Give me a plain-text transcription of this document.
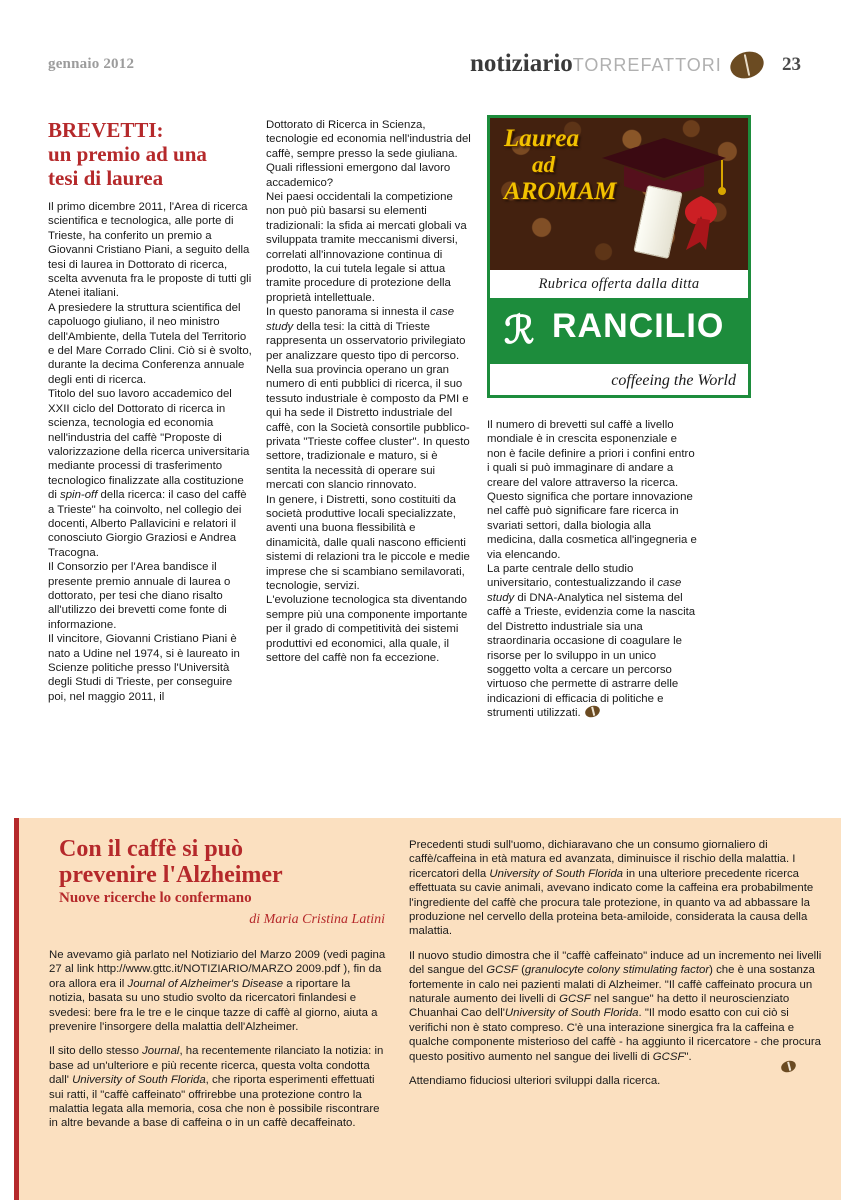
gennaio 2012	notiziarioTORREFATTORI	23
BREVETTI:
un premio ad una
tesi di laurea

Il primo dicembre 2011, l'Area di ricerca scientifica e tecnologica, alle porte di Trieste, ha conferito un premio a Giovanni Cristiano Piani, a seguito della tesi di laurea in Dottorato di ricerca, scelta avvenuta fra le proposte di tutti gli Atenei italiani.

A presiedere la struttura scientifica del capoluogo giuliano, il neo ministro dell'Ambiente, della Tutela del Territorio e del Mare Corrado Clini. Ciò si è svolto, durante la decima Conferenza annuale degli enti di ricerca.

Titolo del suo lavoro accademico del XXII ciclo del Dottorato di ricerca in scienza, tecnologia ed economia nell'industria del caffè "Proposte di valorizzazione della ricerca universitaria mediante processi di trasferimento tecnologico finalizzate alla costituzione di spin-off della ricerca: il caso del caffè a Trieste" ha coinvolto, nel collegio dei docenti, Alberto Pallavicini e relatori il conosciuto Giorgio Graziosi e Andrea Tracogna.

Il Consorzio per l'Area bandisce il presente premio annuale di laurea o dottorato, per tesi che diano risalto all'utilizzo dei brevetti come fonte di informazione.

Il vincitore, Giovanni Cristiano Piani è nato a Udine nel 1974, si è laureato in Scienze politiche presso l'Università degli Studi di Trieste, per conseguire poi, nel maggio 2011, il

Dottorato di Ricerca in Scienza, tecnologie ed economia nell'industria del caffè, sempre presso la sede giuliana.

Quali riflessioni emergono dal lavoro accademico?

Nei paesi occidentali la competizione non può più basarsi su elementi tradizionali: la sfida ai mercati globali va sviluppata tramite meccanismi diversi, correlati all'innovazione continua di prodotto, la cui tutela legale si attua tramite procedure di protezione della proprietà intellettuale.

In questo panorama si innesta il case study della tesi: la città di Trieste rappresenta un osservatorio privilegiato per analizzare questo tipo di percorso. Nella sua provincia operano un gran numero di enti pubblici di ricerca, il suo tessuto industriale è composto da PMI e qui ha sede il Distretto industriale del caffè, con la Società consortile pubblico-privata "Trieste coffee cluster". In questo settore, tradizionale e maturo, si è sentita la necessità di operare sui mercati con slancio rinnovato.

In genere, i Distretti, sono costituiti da società produttive locali specializzate, aventi una buona flessibilità e dinamicità, dalle quali nascono efficienti sistemi di relazioni tra le piccole e medie imprese che si scambiano semilavorati, tecnologie, servizi.

L'evoluzione tecnologica sta diventando sempre più una componente importante per il grado di competitività dei sistemi produttivi ed economici, alla quale, il settore del caffè non fa eccezione.

Laurea
ad
AROMAM
Rubrica offerta dalla ditta
ℛ RANCILIO
coffeeing the World

Il numero di brevetti sul caffè a livello mondiale è in crescita esponenziale e non è facile definire a priori i confini entro i quali si può immaginare di andare a creare del valore attraverso la ricerca.

Questo significa che portare innovazione nel caffè può significare fare ricerca in svariati settori, dalla biologia alla medicina, dalla cosmetica all'ingegneria e via elencando.

La parte centrale dello studio universitario, contestualizzando il case study di DNA-Analytica nel sistema del caffè a Trieste, evidenzia come la nascita del Distretto industriale sia una straordinaria occasione di coagulare le risorse per lo sviluppo in un unico soggetto volta a cercare un percorso virtuoso che permette di astrarre delle indicazioni di efficacia di politiche e strumenti utilizzati.

Con il caffè si può
prevenire l'Alzheimer
Nuove ricerche lo confermano
di Maria Cristina Latini

Ne avevamo già parlato nel Notiziario del Marzo 2009 (vedi pagina 27 al link http://www.gttc.it/NOTIZIARIO/MARZO 2009.pdf ), fin da ora allora era il Journal of Alzheimer's Disease a riportare la notizia, basata su uno studio svolto da ricercatori finlandesi e svedesi: bere fra le tre e le cinque tazze di caffè al giorno, aiuta a prevenire l'insorgere della malattia dell'Alzheimer.

Il sito dello stesso Journal, ha recentemente rilanciato la notizia: in base ad un'ulteriore e più recente ricerca, questa volta condotta dall' University of South Florida, che riporta esperimenti effettuati sui ratti, il "caffè caffeinato" offrirebbe una protezione contro la malattia legata alla memoria, cosa che non è possibile riscontrare in altre bevande a base di caffeina o in un caffè decaffeinato.

Precedenti studi sull'uomo, dichiaravano che un consumo giornaliero di caffè/caffeina in età matura ed avanzata, diminuisce il rischio della malattia. I ricercatori della University of South Florida in una ulteriore precedente ricerca effettuata su cavie animali, avevano indicato come la caffeina era probabilmente l'ingrediente del caffè che procura tale protezione, in quanto va ad abbassare la produzione nel cervello della proteina beta-amiloide, considerata la causa della malattia.

Il nuovo studio dimostra che il "caffè caffeinato" induce ad un incremento nei livelli del sangue del GCSF (granulocyte colony stimulating factor) che è una sostanza fortemente in calo nei pazienti malati di Alzheimer. "Il caffè caffeinato procura un naturale aumento dei livelli di GCSF nel sangue" ha detto il neuroscienziato Chuanhai Cao dell'University of South Florida. "Il modo esatto con cui ciò si verifichi non è stato compreso. C'è una interazione sinergica fra la caffeina e qualche componente misterioso del caffè - ha aggiunto il ricercatore - che procura questo positivo aumento nel sangue dei livelli di GCSF".

Attendiamo fiduciosi ulteriori sviluppi dalla ricerca.
